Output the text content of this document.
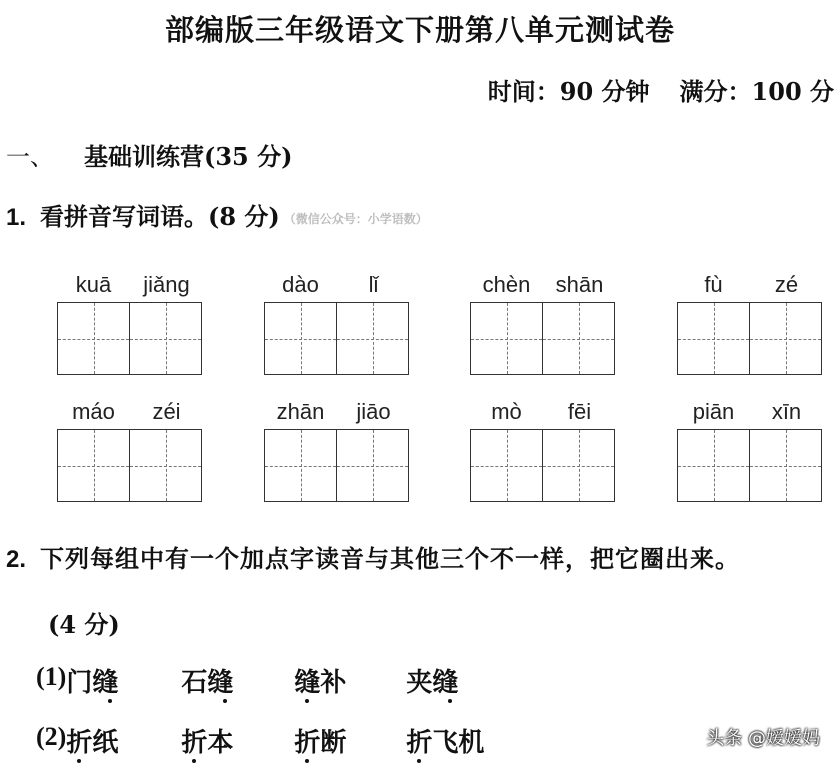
部编版三年级语文下册第八单元测试卷
时间：90 分钟 满分：100 分
一、 基础训练营(35 分)
1. 看拼音写词语。(8 分) （微信公众号：小学语数）
kuā	jiǎng	dào	lǐ	chèn	shān	fù	zé
máo	zéi	zhān	jiāo	mò	fēi	piān	xīn
2. 下列每组中有一个加点字读音与其他三个不一样，把它圈出来。
(4 分)
(1) 门缝	石缝	缝补	夹缝
(2) 折纸	折本	折断	折飞机	头条 @嫒嫒妈
